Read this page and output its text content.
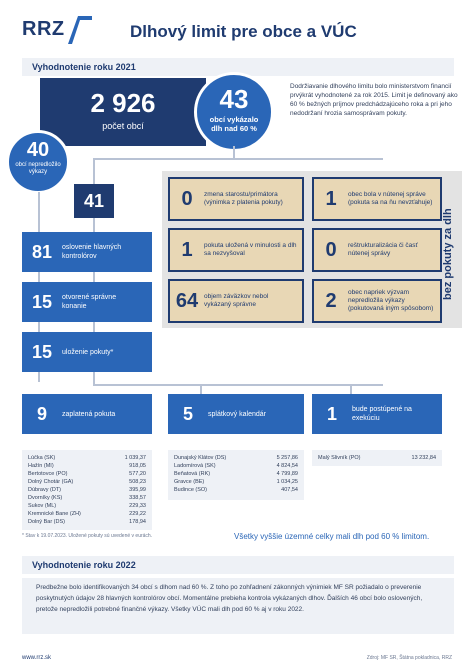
RRZ	Dlhový limit pre obce a VÚC
Vyhodnotenie roku 2021
2 926
počet obcí
43
obcí vykázalo
dlh nad 60 %
40
obcí nepredložilo výkazy
Dodržiavanie dlhového limitu bolo ministerstvom financií prvýkrát vyhodnotené za rok 2015. Limit je definovaný ako 60 % bežných príjmov predchádzajúceho roka a pri jeho nedodržaní hrozia samosprávam pokuty.
41
81	oslovenie hlavných kontrolórov
15	otvorené správne konanie
15	uloženie pokuty*
0	zmena starostu/primátora (výnimka z platenia pokuty)	1	obec bola v nútenej správe (pokuta sa na ňu nevzťahuje)
1	pokuta uložená v minulosti a dlh sa nezvyšoval	0	reštrukturalizácia či časť nútenej správy
64 objem záväzkov nebol vykázaný správne	2	obec napriek výzvam nepredložila výkazy (pokutovaná iným spôsobom)
bez pokuty za dlh
9	zaplatená pokuta	5	splátkový kalendár	1	bude postúpené na exekúciu
Lúčka (SK)	1 039,37
Hažín (MI)	918,05
Bertotovce (PO)	577,20
Dolný Chotár (GA)	508,23
Dúbravy (DT)	395,99
Dvorníky (KS)	338,57
Sukov (ML)	229,33
Kremnické Bane (ZH)	229,22
Dolný Bar (DS)	178,94
Dunajský Klátov (DS)	5 257,86
Ladomírová (SK)	4 824,54
Beňatová (RK)	4 799,89
Gravce (BE)	1 034,25
Budince (SO)	407,54
Malý Slivník (PO)	13 232,84
* Stav k 19.07.2023. Uložené pokuty sú uvedené v eurách.	Všetky vyššie územné celky mali dlh pod 60 % limitom.
Vyhodnotenie roku 2022
Predbežne bolo identifikovaných 34 obcí s dlhom nad 60 %. Z toho po zohľadnení zákonných výnimiek MF SR požiadalo o preverenie poskytnutých údajov 28 hlavných kontrolórov obcí. Momentálne prebieha kontrola vykázaných dlhov. Ďalších 46 obcí bolo oslovených, pretože nepredložili potrebné finančné výkazy. Všetky VÚC mali dlh pod 60 % aj v roku 2022.
www.rrz.sk	Zdroj: MF SR, Štátna pokladnica, RRZ
